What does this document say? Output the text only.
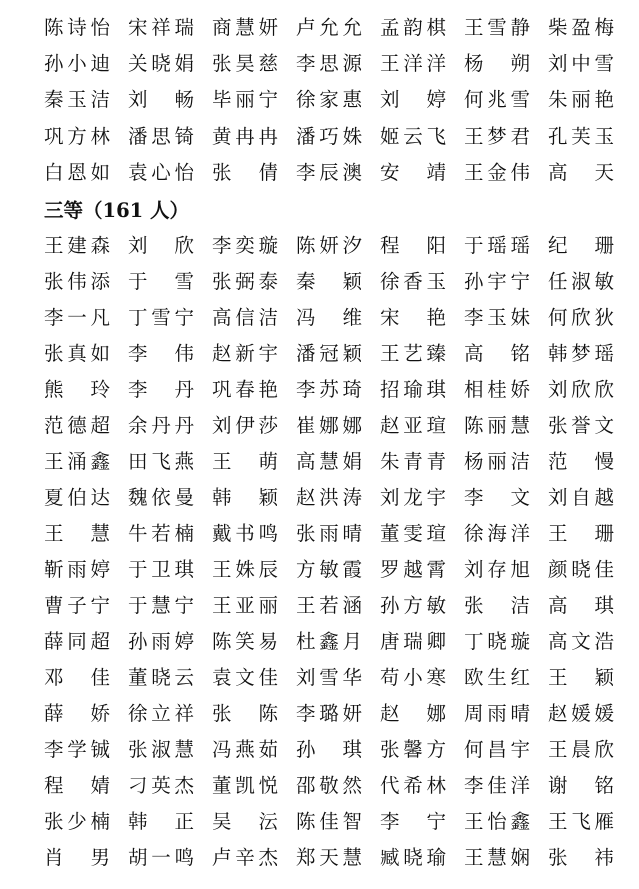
陈 诗 怡 宋 祥 瑞 商 慧 妍 卢 允 允 孟 韵 棋 王 雪 静 柴 盈 梅
孙 小 迪 关 晓 娟 张 昊 慈 李 思 源 王 洋 洋 杨 朔 刘 中 雪
秦 玉 洁 刘 畅 毕 丽 宁 徐 家 惠 刘 婷 何 兆 雪 朱 丽 艳
巩 方 林 潘 思 锜 黄 冉 冉 潘 巧 姝 姬 云 飞 王 梦 君 孔 芙 玉
白 恩 如 袁 心 怡 张 倩 李 辰 澳 安 靖 王 金 伟 高 天
三等（161 人）
王 建 森 刘 欣 李 奕 璇 陈 妍 汐 程 阳 于 瑶 瑶 纪 珊
张 伟 添 于 雪 张 弼 泰 秦 颖 徐 香 玉 孙 宇 宁 任 淑 敏
李 一 凡 丁 雪 宁 高 信 洁 冯 维 宋 艳 李 玉 妹 何 欣 狄
张 真 如 李 伟 赵 新 宇 潘 冠 颖 王 艺 臻 高 铭 韩 梦 瑶
熊 玲 李 丹 巩 春 艳 李 苏 琦 招 瑜 琪 相 桂 娇 刘 欣 欣
范 德 超 余 丹 丹 刘 伊 莎 崔 娜 娜 赵 亚 瑄 陈 丽 慧 张 誉 文
王 涌 鑫 田 飞 燕 王 萌 高 慧 娟 朱 青 青 杨 丽 洁 范 慢
夏 伯 达 魏 依 曼 韩 颖 赵 洪 涛 刘 龙 宇 李 文 刘 自 越
王 慧 牛 若 楠 戴 书 鸣 张 雨 晴 董 雯 瑄 徐 海 洋 王 珊
靳 雨 婷 于 卫 琪 王 姝 辰 方 敏 霞 罗 越 霄 刘 存 旭 颜 晓 佳
曹 子 宁 于 慧 宁 王 亚 丽 王 若 涵 孙 方 敏 张 洁 高 琪
薛 同 超 孙 雨 婷 陈 笑 易 杜 鑫 月 唐 瑞 卿 丁 晓 璇 高 文 浩
邓 佳 董 晓 云 袁 文 佳 刘 雪 华 苟 小 寒 欧 生 红 王 颖
薛 娇 徐 立 祥 张 陈 李 璐 妍 赵 娜 周 雨 晴 赵 媛 媛
李 学 铖 张 淑 慧 冯 燕 茹 孙 琪 张 馨 方 何 昌 宇 王 晨 欣
程 婧 刁 英 杰 董 凯 悦 邵 敬 然 代 希 林 李 佳 洋 谢 铭
张 少 楠 韩 正 吴 沄 陈 佳 智 李 宁 王 怡 鑫 王 飞 雁
肖 男 胡 一 鸣 卢 辛 杰 郑 天 慧 臧 晓 瑜 王 慧 娴 张 祎
